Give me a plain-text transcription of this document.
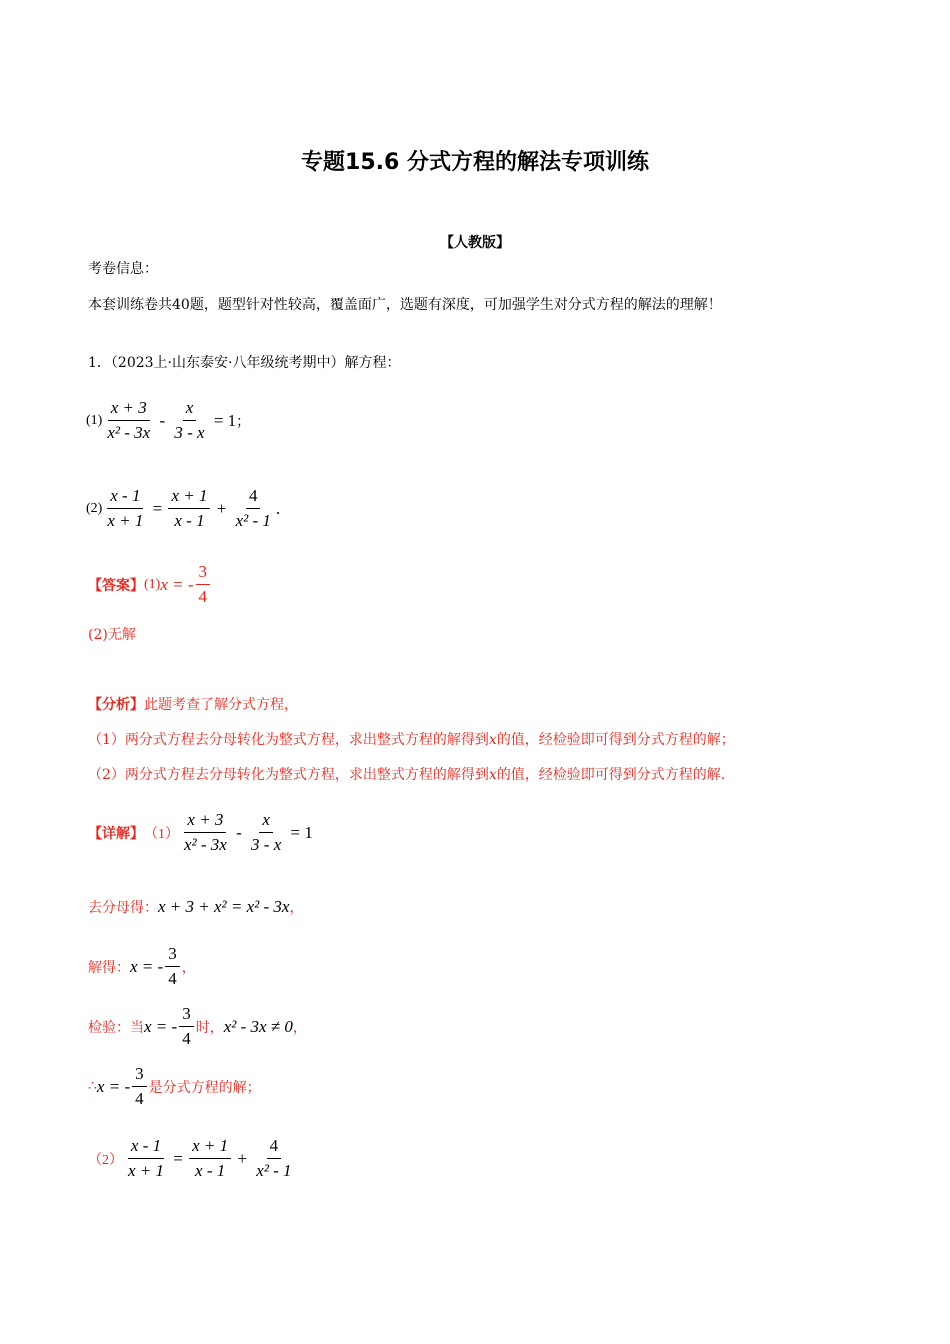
专题15.6 分式方程的解法专项训练
【人教版】
考卷信息：
本套训练卷共40题，题型针对性较高，覆盖面广，选题有深度，可加强学生对分式方程的解法的理解！
1．（2023上·山东泰安·八年级统考期中）解方程：
$(1) \frac{x + 3}{\text{x² - 3x}} - \frac{x}{3 - x} = 1$ ；
$(2) \frac{x - 1}{x + 1} = \frac{x + 1}{x - 1} + \frac{4}{\text{x² - 1}}$ .
【答案】 (1) x = - $\frac{3}{4}$
(2)无解
【分析】此题考查了解分式方程，
（1）两分式方程去分母转化为整式方程，求出整式方程的解得到x的值，经检验即可得到分式方程的解；
（2）两分式方程去分母转化为整式方程，求出整式方程的解得到x的值，经检验即可得到分式方程的解.
【详解】 $(1) \frac{x + 3}{\text{x² - 3x}} - \frac{x}{3 - x} = 1$
去分母得： x + 3 + x² = x² - 3x ，
解得： x = - $\frac{3}{4}$ ，
检验：当 x = - $\frac{3}{4}$ 时， x² - 3x ≠ 0 ，
∴ x = - $\frac{3}{4}$ 是分式方程的解；
$(2) \frac{x - 1}{x + 1} = \frac{x + 1}{x - 1} + \frac{4}{\text{x² - 1}}$
